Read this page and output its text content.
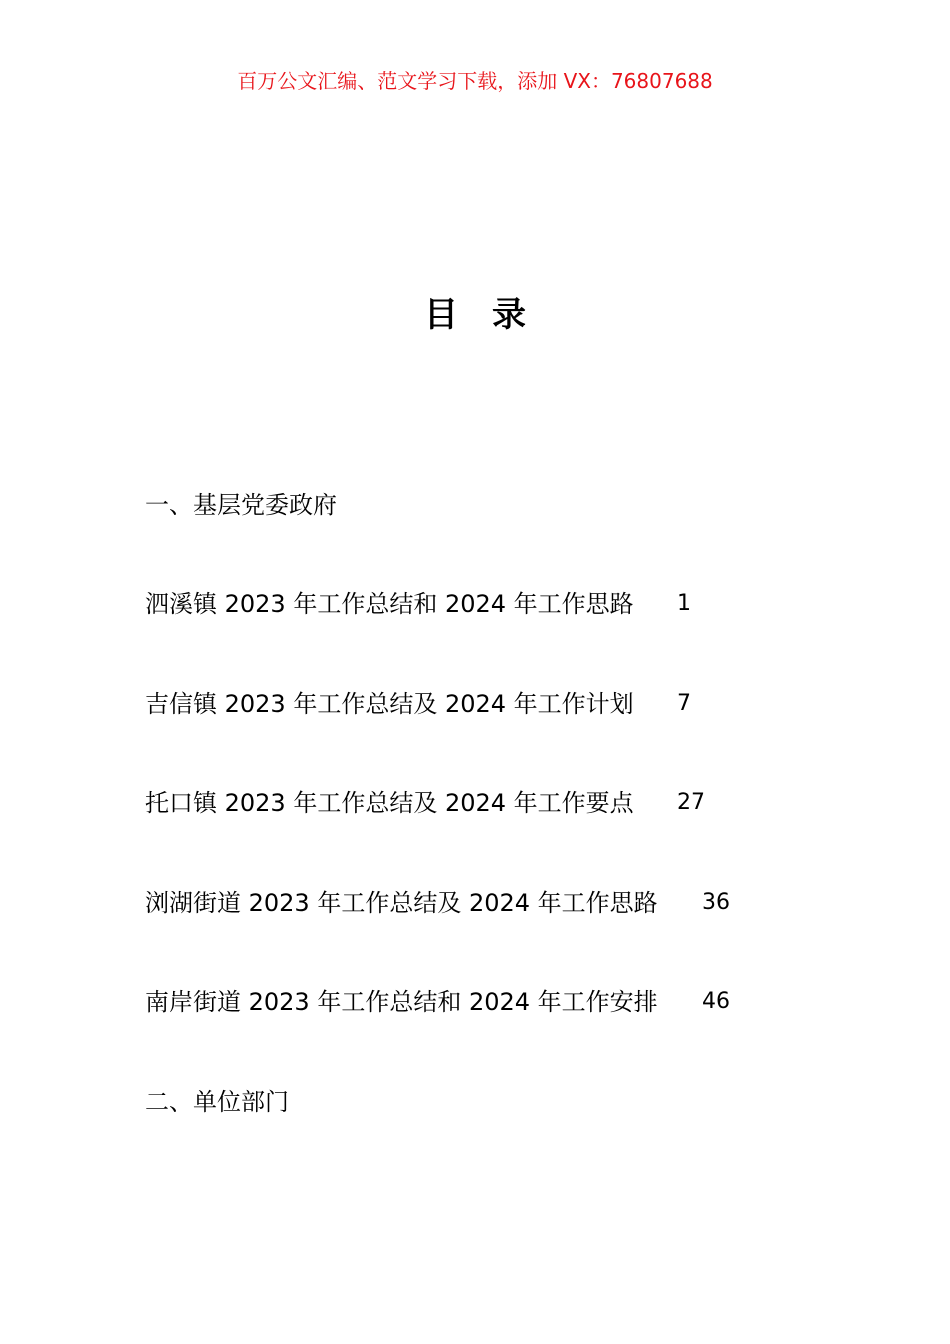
百万公文汇编、范文学习下载，添加 VX：76807688
目 录
一、基层党委政府
泗溪镇 2023 年工作总结和 2024 年工作思路 1
吉信镇 2023 年工作总结及 2024 年工作计划 7
托口镇 2023 年工作总结及 2024 年工作要点 27
浏湖街道 2023 年工作总结及 2024 年工作思路 36
南岸街道 2023 年工作总结和 2024 年工作安排 46
二、单位部门
